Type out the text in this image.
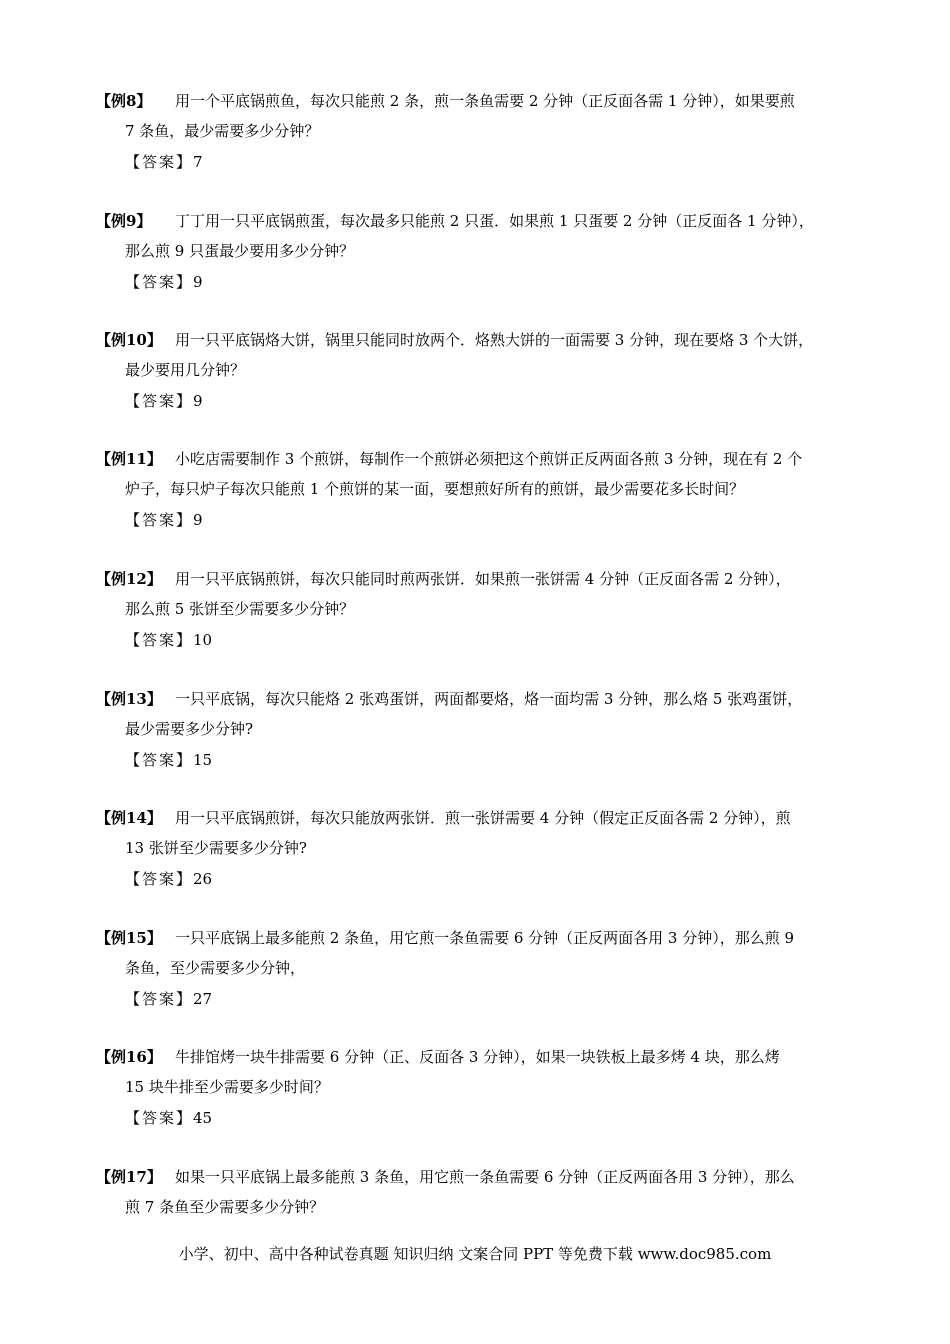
【例8】 用一个平底锅煎鱼，每次只能煎 2 条，煎一条鱼需要 2 分钟（正反面各需 1 分钟），如果要煎
7 条鱼，最少需要多少分钟？
【答案】7
【例9】 丁丁用一只平底锅煎蛋，每次最多只能煎 2 只蛋．如果煎 1 只蛋要 2 分钟（正反面各 1 分钟），
那么煎 9 只蛋最少要用多少分钟？
【答案】9
【例10】 用一只平底锅烙大饼，锅里只能同时放两个．烙熟大饼的一面需要 3 分钟，现在要烙 3 个大饼，
最少要用几分钟？
【答案】9
【例11】 小吃店需要制作 3 个煎饼，每制作一个煎饼必须把这个煎饼正反两面各煎 3 分钟，现在有 2 个
炉子，每只炉子每次只能煎 1 个煎饼的某一面，要想煎好所有的煎饼，最少需要花多长时间？
【答案】9
【例12】 用一只平底锅煎饼，每次只能同时煎两张饼．如果煎一张饼需 4 分钟（正反面各需 2 分钟），
那么煎 5 张饼至少需要多少分钟？
【答案】10
【例13】 一只平底锅，每次只能烙 2 张鸡蛋饼，两面都要烙，烙一面均需 3 分钟，那么烙 5 张鸡蛋饼，
最少需要多少分钟?
【答案】15
【例14】 用一只平底锅煎饼，每次只能放两张饼．煎一张饼需要 4 分钟（假定正反面各需 2 分钟），煎
13 张饼至少需要多少分钟?
【答案】26
【例15】 一只平底锅上最多能煎 2 条鱼，用它煎一条鱼需要 6 分钟（正反两面各用 3 分钟），那么煎 9
条鱼，至少需要多少分钟，
【答案】27
【例16】 牛排馆烤一块牛排需要 6 分钟（正、反面各 3 分钟），如果一块铁板上最多烤 4 块，那么烤
15 块牛排至少需要多少时间？
【答案】45
【例17】 如果一只平底锅上最多能煎 3 条鱼，用它煎一条鱼需要 6 分钟（正反两面各用 3 分钟），那么
煎 7 条鱼至少需要多少分钟？
小学、初中、高中各种试卷真题 知识归纳 文案合同 PPT 等免费下载 www.doc985.com
